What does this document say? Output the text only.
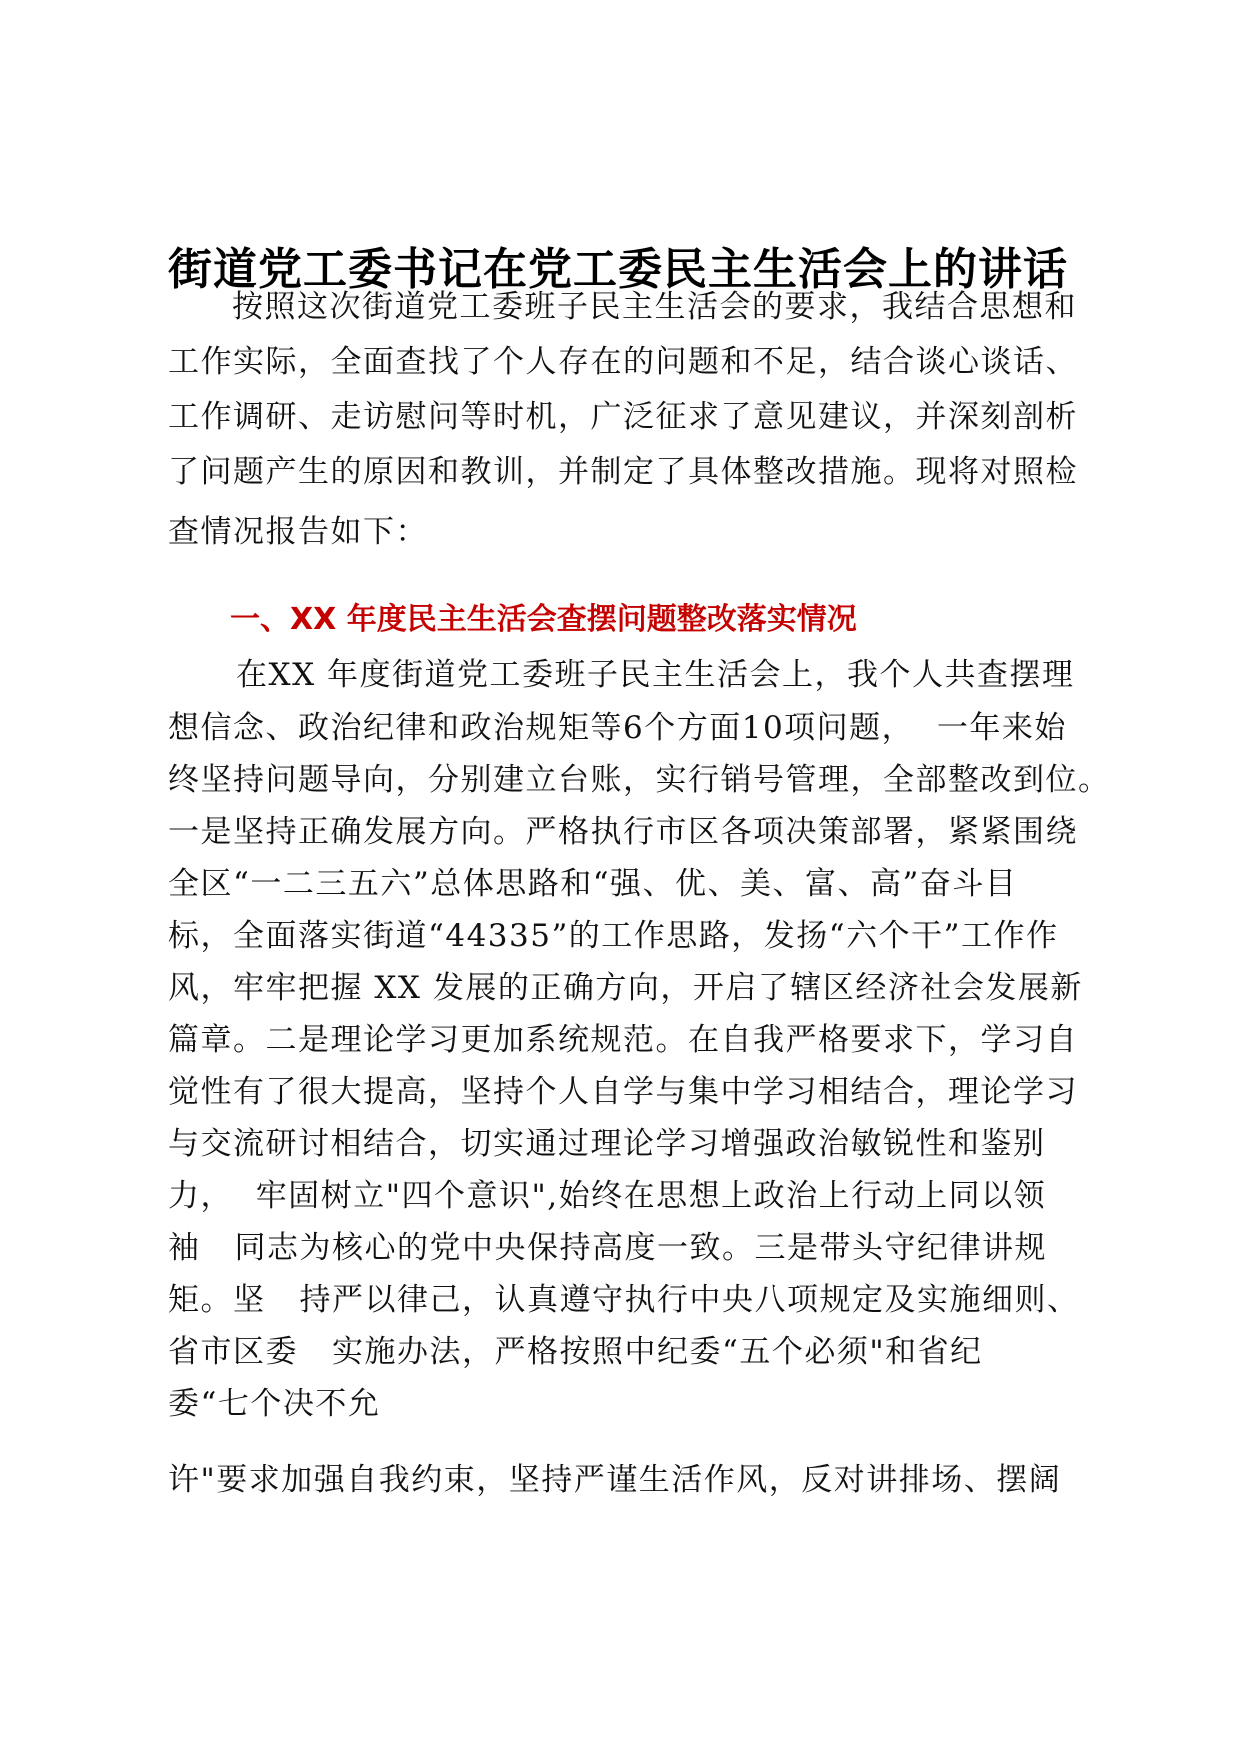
街道党工委书记在党工委民主生活会上的讲话
按照这次街道党工委班子民主生活会的要求，我结合思想和
工作实际，全面查找了个人存在的问题和不足，结合谈心谈话、
工作调研、走访慰问等时机，广泛征求了意见建议，并深刻剖析
了问题产生的原因和教训，并制定了具体整改措施。现将对照检
查情况报告如下：
一、XX 年度民主生活会查摆问题整改落实情况
在XX 年度街道党工委班子民主生活会上，我个人共查摆理
想信念、政治纪律和政治规矩等6个方面10项问题，  一年来始
终坚持问题导向，分别建立台账，实行销号管理，全部整改到位。
一是坚持正确发展方向。严格执行市区各项决策部署，紧紧围绕
全区“一二三五六”总体思路和“强、优、美、富、高”奋斗目
标，全面落实街道“44335”的工作思路，发扬“六个干”工作作
风，牢牢把握 XX 发展的正确方向，开启了辖区经济社会发展新
篇章。二是理论学习更加系统规范。在自我严格要求下，学习自
觉性有了很大提高，坚持个人自学与集中学习相结合，理论学习
与交流研讨相结合，切实通过理论学习增强政治敏锐性和鉴别
力，  牢固树立"四个意识",始终在思想上政治上行动上同以领
袖   同志为核心的党中央保持高度一致。三是带头守纪律讲规
矩。坚   持严以律己，认真遵守执行中央八项规定及实施细则、
省市区委   实施办法，严格按照中纪委“五个必须"和省纪
委“七个决不允
许"要求加强自我约束，坚持严谨生活作风，反对讲排场、摆阔
